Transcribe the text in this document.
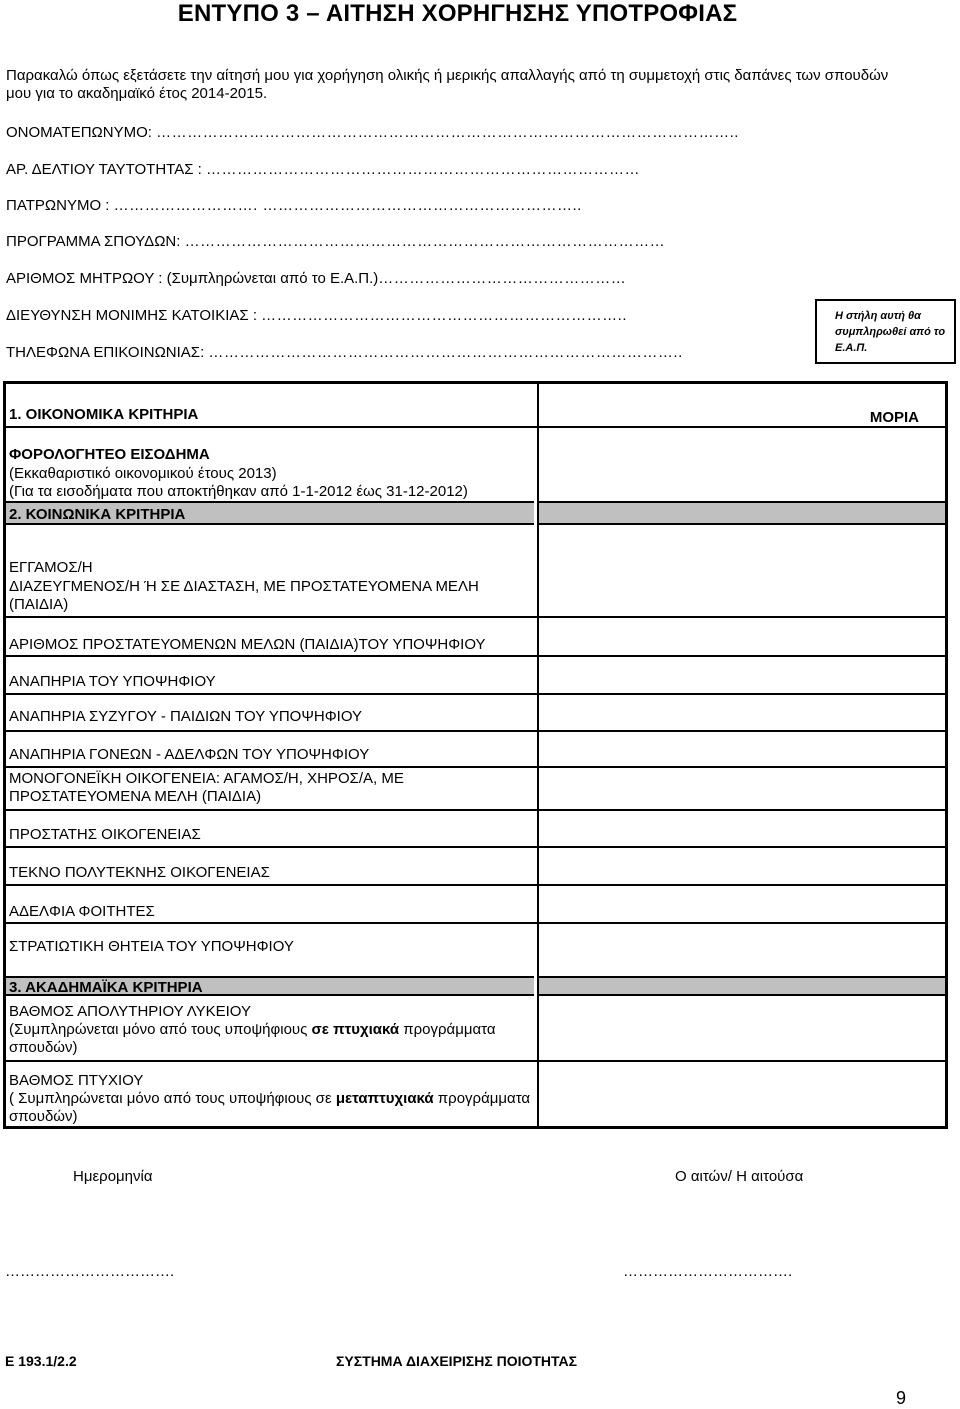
ΕΝΤΥΠΟ 3 – ΑΙΤΗΣΗ ΧΟΡΗΓΗΣΗΣ ΥΠΟΤΡΟΦΙΑΣ
Παρακαλώ όπως εξετάσετε την αίτησή μου για χορήγηση ολικής ή μερικής απαλλαγής από τη συμμετοχή στις δαπάνες των σπουδών μου για το ακαδημαϊκό έτος 2014-2015.
ΟΝΟΜΑΤΕΠΩΝΥΜΟ: …………………………………………………………………………………………………..
ΑΡ. ΔΕΛΤΙΟΥ ΤΑΥΤΟΤΗΤΑΣ : …………………………………………………………………………
ΠΑΤΡΩΝΥΜΟ : ………………………. ……………………………………………………..
ΠΡΟΓΡΑΜΜΑ ΣΠΟΥΔΩΝ: …………………………………………………………………………………
ΑΡΙΘΜΟΣ ΜΗΤΡΩΟΥ : (Συμπληρώνεται από το Ε.Α.Π.)…………………………………………
ΔΙΕΥΘΥΝΣΗ ΜΟΝΙΜΗΣ ΚΑΤΟΙΚΙΑΣ : ……………………………………………………………..
ΤΗΛΕΦΩΝΑ ΕΠΙΚΟΙΝΩΝΙΑΣ: ………………………………………………………………………………..
Η στήλη αυτή θα συμπληρωθεί από το Ε.Α.Π.
ΜΟΡΙΑ
1. ΟΙΚΟΝΟΜΙΚΑ ΚΡΙΤΗΡΙΑ
ΦΟΡΟΛΟΓΗΤΕΟ ΕΙΣΟΔΗΜΑ
(Εκκαθαριστικό οικονομικού έτους 2013)
(Για τα εισοδήματα που αποκτήθηκαν από 1-1-2012 έως 31-12-2012)
2. ΚΟΙΝΩΝΙΚΑ ΚΡΙΤΗΡΙΑ
ΕΓΓΑΜΟΣ/Η
ΔΙΑΖΕΥΓΜΕΝΟΣ/Η Ή ΣΕ ΔΙΑΣΤΑΣΗ, ΜΕ ΠΡΟΣΤΑΤΕΥΟΜΕΝΑ ΜΕΛΗ (ΠΑΙΔΙΑ)
ΑΡΙΘΜΟΣ ΠΡΟΣΤΑΤΕΥΟΜΕΝΩΝ ΜΕΛΩΝ (ΠΑΙΔΙΑ)ΤΟΥ ΥΠΟΨΗΦΙΟΥ
ΑΝΑΠΗΡΙΑ ΤΟΥ ΥΠΟΨΗΦΙΟΥ
ΑΝΑΠΗΡΙΑ ΣΥΖΥΓΟΥ - ΠΑΙΔΙΩΝ ΤΟΥ ΥΠΟΨΗΦΙΟΥ
ΑΝΑΠΗΡΙΑ ΓΟΝΕΩΝ - ΑΔΕΛΦΩΝ ΤΟΥ ΥΠΟΨΗΦΙΟΥ
ΜΟΝΟΓΟΝΕΪΚΗ ΟΙΚΟΓΕΝΕΙΑ: ΑΓΑΜΟΣ/Η, ΧΗΡΟΣ/Α, ΜΕ ΠΡΟΣΤΑΤΕΥΟΜΕΝΑ ΜΕΛΗ (ΠΑΙΔΙΑ)
ΠΡΟΣΤΑΤΗΣ ΟΙΚΟΓΕΝΕΙΑΣ
ΤΕΚΝΟ ΠΟΛΥΤΕΚΝΗΣ ΟΙΚΟΓΕΝΕΙΑΣ
ΑΔΕΛΦΙΑ ΦΟΙΤΗΤΕΣ
ΣΤΡΑΤΙΩΤΙΚΗ ΘΗΤΕΙΑ ΤΟΥ ΥΠΟΨΗΦΙΟΥ
3. ΑΚΑΔΗΜΑΪΚΑ ΚΡΙΤΗΡΙΑ
ΒΑΘΜΟΣ ΑΠΟΛΥΤΗΡΙΟΥ ΛΥΚΕΙΟΥ
(Συμπληρώνεται μόνο από τους υποψήφιους σε πτυχιακά προγράμματα σπουδών)
ΒΑΘΜΟΣ ΠΤΥΧΙΟΥ
( Συμπληρώνεται μόνο από τους υποψήφιους σε μεταπτυχιακά προγράμματα σπουδών)
Ημερομηνία	Ο αιτών/ Η αιτούσα
…………………………….	…………………………….
Ε 193.1/2.2	ΣΥΣΤΗΜΑ ΔΙΑΧΕΙΡΙΣΗΣ ΠΟΙΟΤΗΤΑΣ
9
